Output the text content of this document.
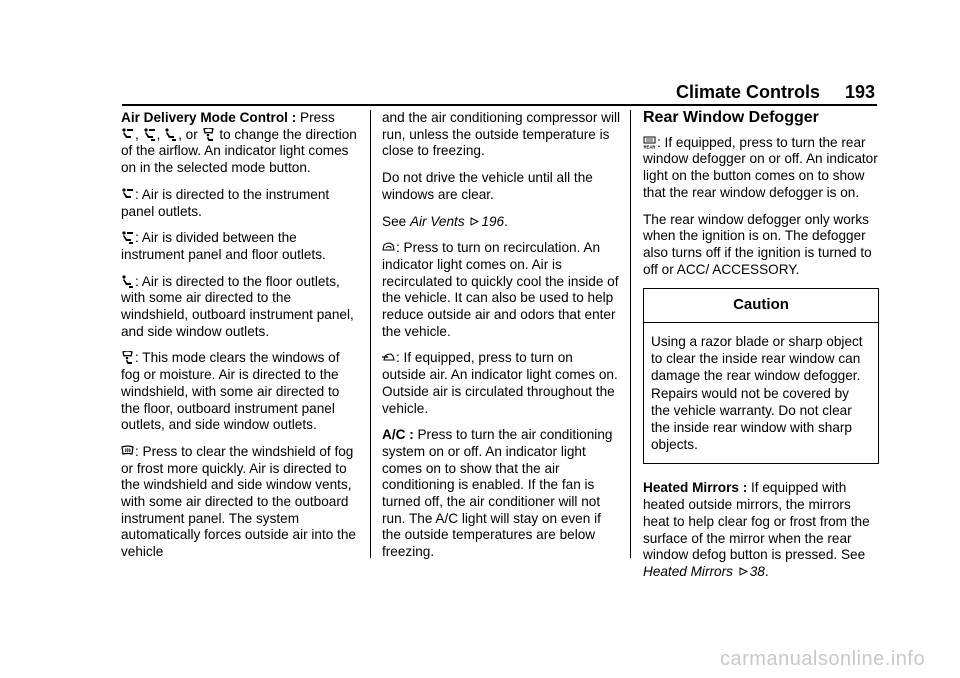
Climate Controls 193

Air Delivery Mode Control : Press

,
,
, or
to change the direction of the airflow. An indicator light comes on in the selected mode button.

: Air is directed to the instrument panel outlets.

: Air is divided between the instrument panel and floor outlets.

: Air is directed to the floor outlets, with some air directed to the windshield, outboard instrument panel, and side window outlets.

: This mode clears the windows of fog or moisture. Air is directed to the windshield, with some air directed to the floor, outboard instrument panel outlets, and side window outlets.

: Press to clear the windshield of fog or frost more quickly. Air is directed to the windshield and side window vents, with some air directed to the outboard instrument panel. The system automatically forces outside air into the vehicle

and the air conditioning compressor will run, unless the outside temperature is close to freezing.

Do not drive the vehicle until all the windows are clear.

See Air Vents 196.

: Press to turn on recirculation. An indicator light comes on. Air is recirculated to quickly cool the inside of the vehicle. It can also be used to help reduce outside air and odors that enter the vehicle.

: If equipped, press to turn on outside air. An indicator light comes on. Outside air is circulated throughout the vehicle.

A/C : Press to turn the air conditioning system on or off. An indicator light comes on to show that the air conditioning is enabled. If the fan is turned off, the air conditioner will not run. The A/C light will stay on even if the outside temperatures are below freezing.

Rear Window Defogger

REAR : If equipped, press to turn the rear window defogger on or off. An indicator light on the button comes on to show that the rear window defogger is on.

The rear window defogger only works when the ignition is on. The defogger also turns off if the ignition is turned to off or ACC/ ACCESSORY.

Caution
Using a razor blade or sharp object to clear the inside rear window can damage the rear window defogger. Repairs would not be covered by the vehicle warranty. Do not clear the inside rear window with sharp objects.

Heated Mirrors : If equipped with heated outside mirrors, the mirrors heat to help clear fog or frost from the surface of the mirror when the rear window defog button is pressed. See Heated Mirrors 38.

carmanualsonline.info
